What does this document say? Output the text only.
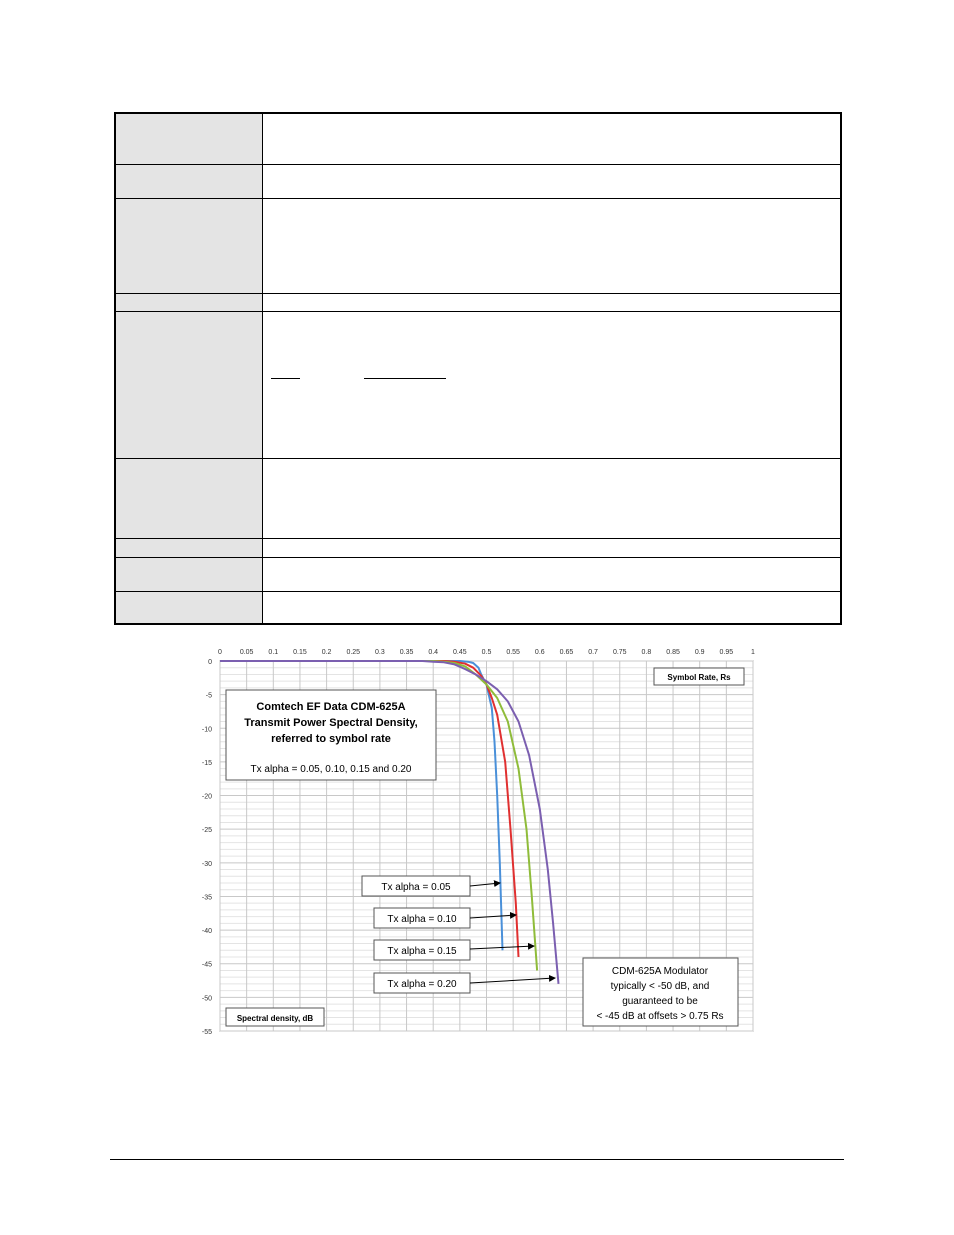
0	0.05 0.1 0.15 0.2 0.25 0.3 0.35 0.4 0.45 0.5 0.55 0.6 0.65 0.7 0.75 0.8 0.85 0.9 0.95	1
0
-5
-10
-15
-20
-25
-30
-35
-40
-45
-50
-55
Comtech EF Data CDM-625A
Transmit Power Spectral Density,
referred to symbol rate
Tx alpha = 0.05, 0.10, 0.15 and 0.20
Symbol Rate, Rs
Spectral density, dB
CDM-625A Modulator
typically < -50 dB, and
guaranteed to be
< -45 dB at offsets > 0.75 Rs
Tx alpha = 0.05
Tx alpha = 0.10
Tx alpha = 0.15
Tx alpha = 0.20
